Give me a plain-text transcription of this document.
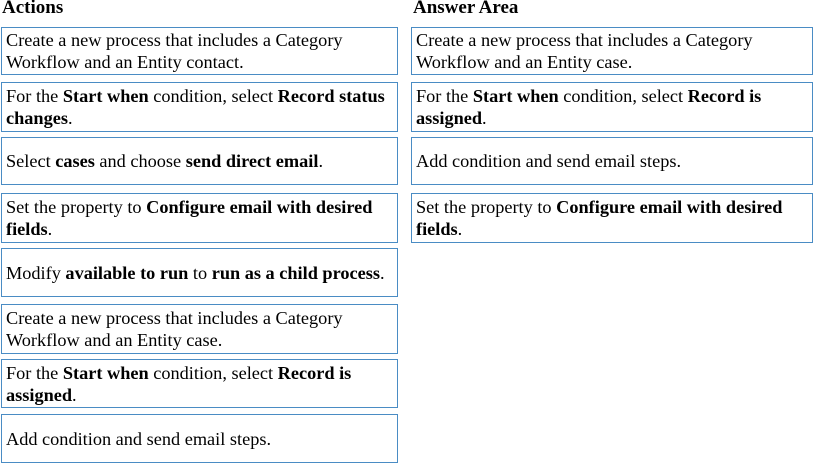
Actions	Answer Area
Create a new process that includes a Category Workflow and an Entity contact.
For the Start when condition, select Record status changes.
Select cases and choose send direct email.
Set the property to Configure email with desired fields.
Modify available to run to run as a child process.
Create a new process that includes a Category Workflow and an Entity case.
For the Start when condition, select Record is assigned.
Add condition and send email steps.
Create a new process that includes a Category Workflow and an Entity case.
For the Start when condition, select Record is assigned.
Add condition and send email steps.
Set the property to Configure email with desired fields.
